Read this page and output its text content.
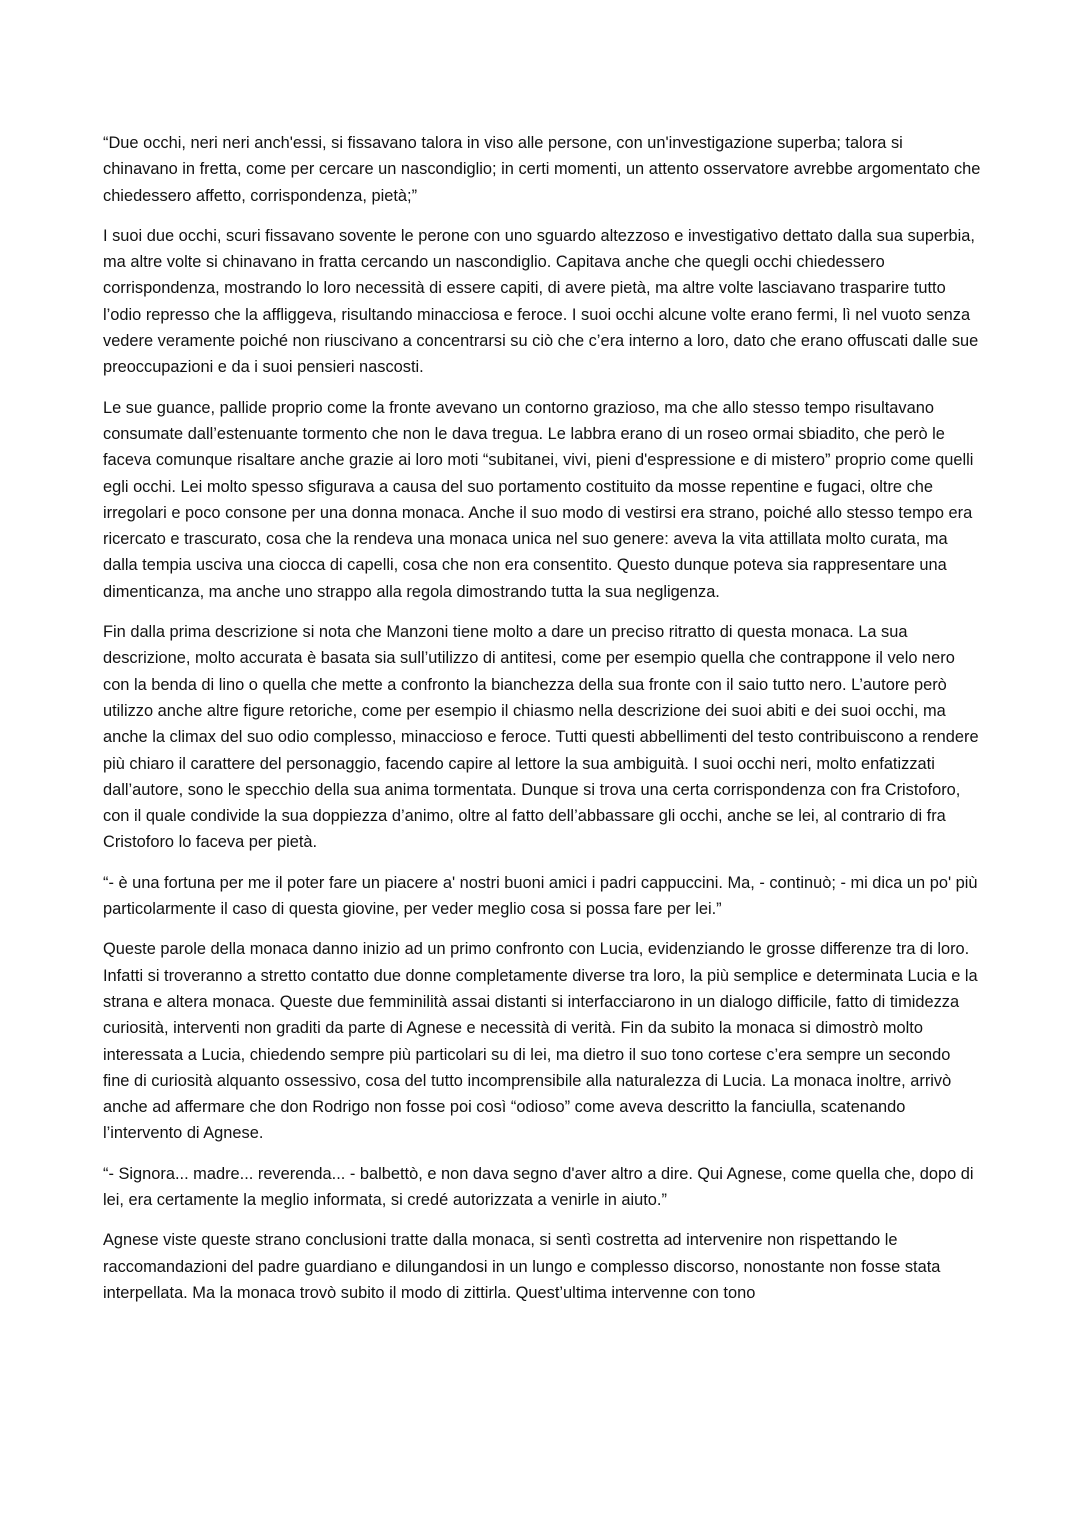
“Due occhi, neri neri anch'essi, si fissavano talora in viso alle persone, con un'investigazione superba; talora si chinavano in fretta, come per cercare un nascondiglio; in certi momenti, un attento osservatore avrebbe argomentato che chiedessero affetto, corrispondenza, pietà;”

I suoi due occhi, scuri fissavano sovente le perone con uno sguardo altezzoso e investigativo dettato dalla sua superbia, ma altre volte si chinavano in fratta cercando un nascondiglio. Capitava anche che quegli occhi chiedessero corrispondenza, mostrando lo loro necessità di essere capiti, di avere pietà, ma altre volte lasciavano trasparire tutto l’odio represso che la affliggeva, risultando minacciosa e feroce. I suoi occhi alcune volte erano fermi, lì nel vuoto senza vedere veramente poiché non riuscivano a concentrarsi su ciò che c’era interno a loro, dato che erano offuscati dalle sue preoccupazioni e da i suoi pensieri nascosti.

Le sue guance, pallide proprio come la fronte avevano un contorno grazioso, ma che allo stesso tempo risultavano consumate dall’estenuante tormento che non le dava tregua. Le labbra erano di un roseo ormai sbiadito, che però le faceva comunque risaltare anche grazie ai loro moti “subitanei, vivi, pieni d'espressione e di mistero” proprio come quelli egli occhi. Lei molto spesso sfigurava a causa del suo portamento costituito da mosse repentine e fugaci, oltre che irregolari e poco consone per una donna monaca. Anche il suo modo di vestirsi era strano, poiché allo stesso tempo era ricercato e trascurato, cosa che la rendeva una monaca unica nel suo genere: aveva la vita attillata molto curata, ma dalla tempia usciva una ciocca di capelli, cosa che non era consentito. Questo dunque poteva sia rappresentare una dimenticanza, ma anche uno strappo alla regola dimostrando tutta la sua negligenza.

Fin dalla prima descrizione si nota che Manzoni tiene molto a dare un preciso ritratto di questa monaca. La sua descrizione, molto accurata è basata sia sull’utilizzo di antitesi, come per esempio quella che contrappone il velo nero con la benda di lino o quella che mette a confronto la bianchezza della sua fronte con il saio tutto nero. L’autore però utilizzo anche altre figure retoriche, come per esempio il chiasmo nella descrizione dei suoi abiti e dei suoi occhi, ma anche la climax del suo odio complesso, minaccioso e feroce. Tutti questi abbellimenti del testo contribuiscono a rendere più chiaro il carattere del personaggio, facendo capire al lettore la sua ambiguità. I suoi occhi neri, molto enfatizzati dall’autore, sono le specchio della sua anima tormentata. Dunque si trova una certa corrispondenza con fra Cristoforo, con il quale condivide la sua doppiezza d’animo, oltre al fatto dell’abbassare gli occhi, anche se lei, al contrario di fra Cristoforo lo faceva per pietà.

“- è una fortuna per me il poter fare un piacere a' nostri buoni amici i padri cappuccini. Ma, - continuò; - mi dica un po' più particolarmente il caso di questa giovine, per veder meglio cosa si possa fare per lei.”

Queste parole della monaca danno inizio ad un primo confronto con Lucia, evidenziando le grosse differenze tra di loro. Infatti si troveranno a stretto contatto due donne completamente diverse tra loro, la più semplice e determinata Lucia e la strana e altera monaca. Queste due femminilità assai distanti si interfacciarono in un dialogo difficile, fatto di timidezza curiosità, interventi non graditi da parte di Agnese e necessità di verità. Fin da subito la monaca si dimostrò molto interessata a Lucia, chiedendo sempre più particolari su di lei, ma dietro il suo tono cortese c’era sempre un secondo fine di curiosità alquanto ossessivo, cosa del tutto incomprensibile alla naturalezza di Lucia. La monaca inoltre, arrivò anche ad affermare che don Rodrigo non fosse poi così “odioso” come aveva descritto la fanciulla, scatenando l’intervento di Agnese.

“- Signora... madre... reverenda... - balbettò, e non dava segno d'aver altro a dire. Qui Agnese, come quella che, dopo di lei, era certamente la meglio informata, si credé autorizzata a venirle in aiuto.”

Agnese viste queste strano conclusioni tratte dalla monaca, si sentì costretta ad intervenire non rispettando le raccomandazioni del padre guardiano e dilungandosi in un lungo e complesso discorso, nonostante non fosse stata interpellata. Ma la monaca trovò subito il modo di zittirla. Quest’ultima intervenne con tono
